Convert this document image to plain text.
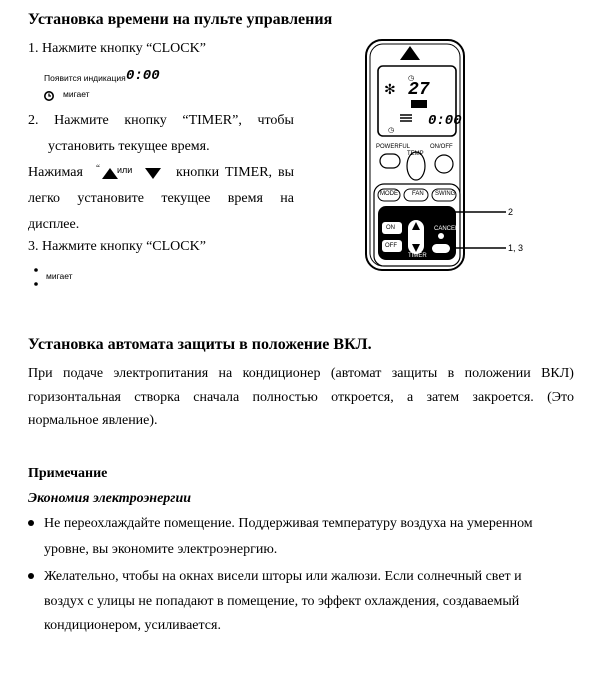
Установка времени на пульте управления
1. Нажмите кнопку “CLOCK”
Появится индикация 0:00
мигает
2. Нажмите кнопку “TIMER”, чтобы
установить текущее время.
Нажимая “ или	кнопки TIMER, вы
легко установите текущее время на
дисплее.
3. Нажмите кнопку “CLOCK”
мигает
✻
◷
◷
27
0:00
POWERFUL
TEMP
ON/OFF
MODE FAN SWING
ON
OFF
CANCEL
TIMER
2
1, 3
Установка автомата защиты в положение ВКЛ.
При подаче электропитания на кондиционер (автомат защиты в положении ВКЛ)
горизонтальная створка сначала полностью откроется, а затем закроется. (Это
нормальное явление).
Примечание
Экономия электроэнергии
Не переохлаждайте помещение. Поддерживая температуру воздуха на умеренном
уровне, вы экономите электроэнергию.
Желательно, чтобы на окнах висели шторы или жалюзи. Если солнечный свет и
воздух с улицы не попадают в помещение, то эффект охлаждения, создаваемый
кондиционером, усиливается.
